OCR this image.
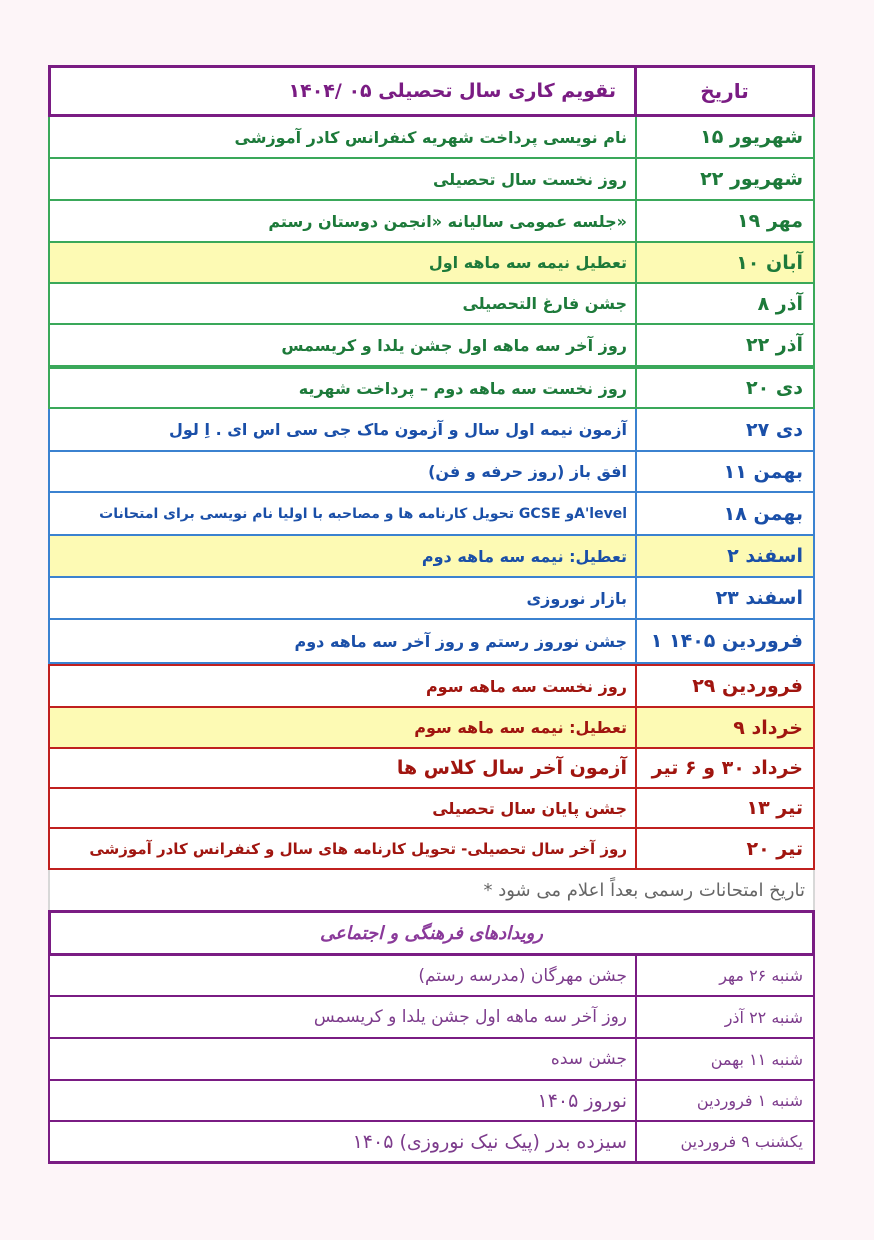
تاریخ
تقویم کاری سال تحصیلی ۰۵ /۱۴۰۴
۱۵ شهریور
نام نویسی پرداخت شهریه کنفرانس کادر آموزشی
۲۲ شهریور
روز نخست سال تحصیلی
۱۹ مهر
جلسه عمومی سالیانه «انجمن دوستان رستم»
۱۰ آبان
تعطیل نیمه سه ماهه اول
۸ آذر
جشن فارغ التحصیلی
۲۲ آذر
روز آخر سه ماهه اول جشن یلدا و کریسمس
۲۰ دی
روز نخست سه ماهه دوم – پرداخت شهریه
۲۷ دی
آزمون نیمه اول سال و آزمون ماک جی سی اس ای . اِ لول
۱۱ بهمن
افق باز (روز حرفه و فن)
۱۸ بهمن
تحویل کارنامه ها و مصاحبه با اولیا نام نویسی برای امتحانات GCSE وA'level
۲ اسفند
تعطیل: نیمه سه ماهه دوم
۲۳ اسفند
بازار نوروزی
۱ فروردین ۱۴۰۵
جشن نوروز رستم و روز آخر سه ماهه دوم
۲۹ فروردین
روز نخست سه ماهه سوم
۹ خرداد
تعطیل: نیمه سه ماهه سوم
خرداد ۳۰ و ۶ تیر
آزمون آخر سال کلاس ها
۱۳ تیر
جشن پایان سال تحصیلی
۲۰ تیر
روز آخر سال تحصیلی- تحویل کارنامه های سال و کنفرانس کادر آموزشی
* تاریخ امتحانات رسمی بعداً اعلام می شود
رویدادهای فرهنگی و اجتماعی
شنبه ۲۶ مهر
جشن مهرگان (مدرسه رستم)
شنبه ۲۲ آذر
روز آخر سه ماهه اول جشن یلدا و کریسمس
شنبه ۱۱ بهمن
جشن سده
شنبه ۱ فروردین
نوروز ۱۴۰۵
یکشنب ۹ فروردین
سیزده بدر (پیک نیک نوروزی) ۱۴۰۵
